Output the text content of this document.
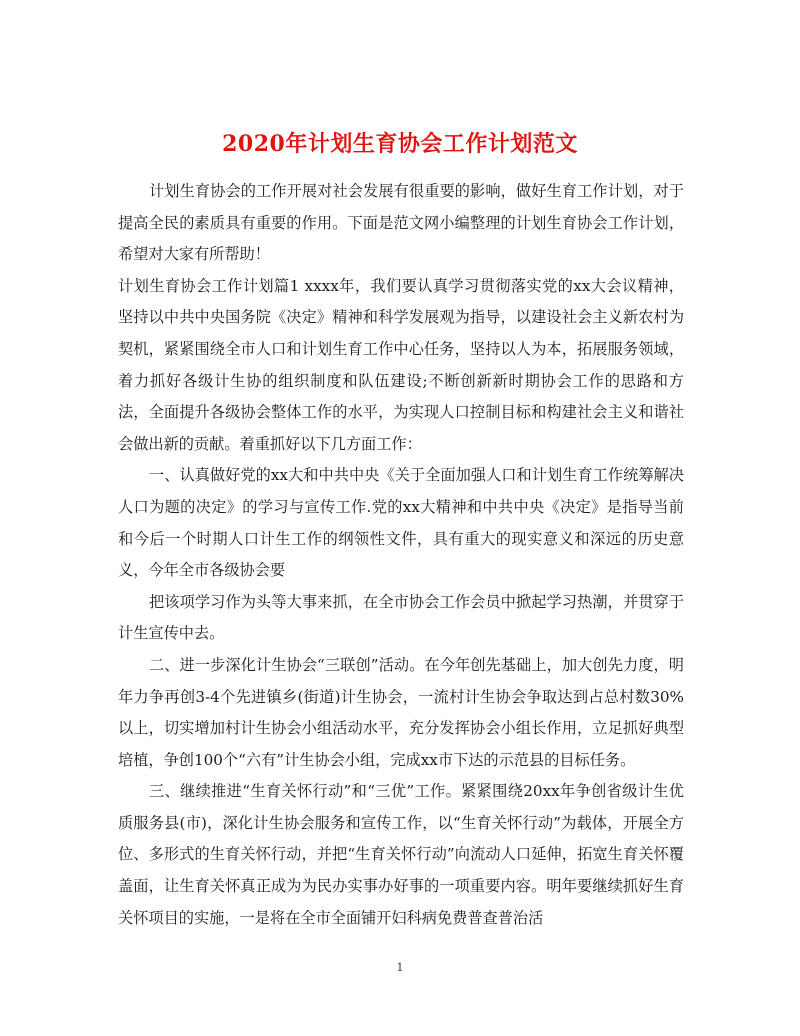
2020年计划生育协会工作计划范文

计划生育协会的工作开展对社会发展有很重要的影响，做好生育工作计划，对于提高全民的素质具有重要的作用。下面是范文网小编整理的计划生育协会工作计划，希望对大家有所帮助！

计划生育协会工作计划篇1 xxxx年，我们要认真学习贯彻落实党的xx大会议精神，坚持以中共中央国务院《决定》精神和科学发展观为指导，以建设社会主义新农村为契机，紧紧围绕全市人口和计划生育工作中心任务，坚持以人为本，拓展服务领域，着力抓好各级计生协的组织制度和队伍建设;不断创新新时期协会工作的思路和方法，全面提升各级协会整体工作的水平，为实现人口控制目标和构建社会主义和谐社会做出新的贡献。着重抓好以下几方面工作：

一、认真做好党的xx大和中共中央《关于全面加强人口和计划生育工作统筹解决人口为题的决定》的学习与宣传工作.党的xx大精神和中共中央《决定》是指导当前和今后一个时期人口计生工作的纲领性文件，具有重大的现实意义和深远的历史意义，今年全市各级协会要

把该项学习作为头等大事来抓，在全市协会工作会员中掀起学习热潮，并贯穿于计生宣传中去。

二、进一步深化计生协会“三联创”活动。在今年创先基础上，加大创先力度，明年力争再创3-4个先进镇乡(街道)计生协会，一流村计生协会争取达到占总村数30%以上，切实增加村计生协会小组活动水平，充分发挥协会小组长作用，立足抓好典型培植，争创100个“六有”计生协会小组，完成xx市下达的示范县的目标任务。

三、继续推进“生育关怀行动”和“三优”工作。紧紧围绕20xx年争创省级计生优质服务县(市)，深化计生协会服务和宣传工作，以“生育关怀行动”为载体，开展全方位、多形式的生育关怀行动，并把“生育关怀行动”向流动人口延伸，拓宽生育关怀覆盖面，让生育关怀真正成为为民办实事办好事的一项重要内容。明年要继续抓好生育关怀项目的实施，一是将在全市全面铺开妇科病免费普查普治活

1
